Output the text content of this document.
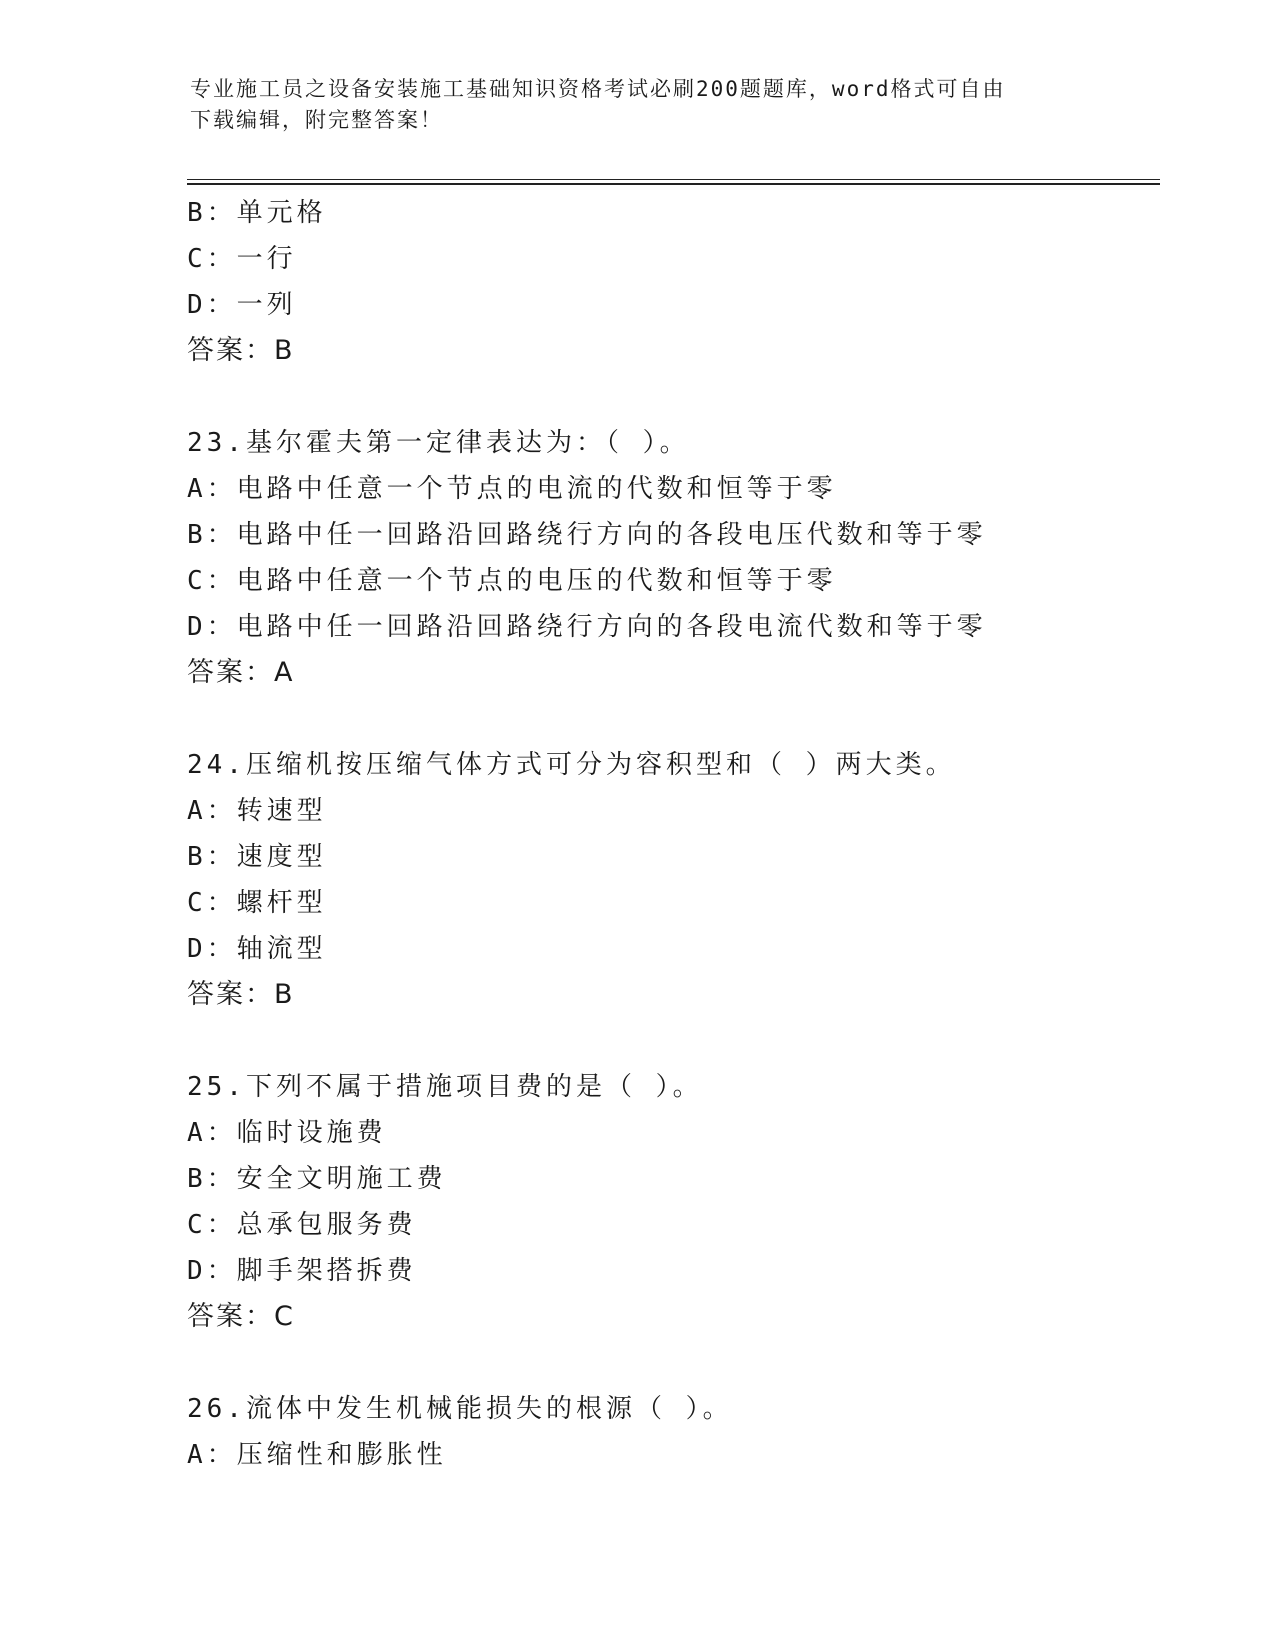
专业施工员之设备安装施工基础知识资格考试必刷200题题库，word格式可自由
下载编辑，附完整答案！
B：单元格
C：一行
D：一列
答案：B
23.基尔霍夫第一定律表达为：（ ）。
A：电路中任意一个节点的电流的代数和恒等于零
B：电路中任一回路沿回路绕行方向的各段电压代数和等于零
C：电路中任意一个节点的电压的代数和恒等于零
D：电路中任一回路沿回路绕行方向的各段电流代数和等于零
答案：A
24.压缩机按压缩气体方式可分为容积型和（ ）两大类。
A：转速型
B：速度型
C：螺杆型
D：轴流型
答案：B
25.下列不属于措施项目费的是（ ）。
A：临时设施费
B：安全文明施工费
C：总承包服务费
D：脚手架搭拆费
答案：C
26.流体中发生机械能损失的根源（ ）。
A：压缩性和膨胀性
